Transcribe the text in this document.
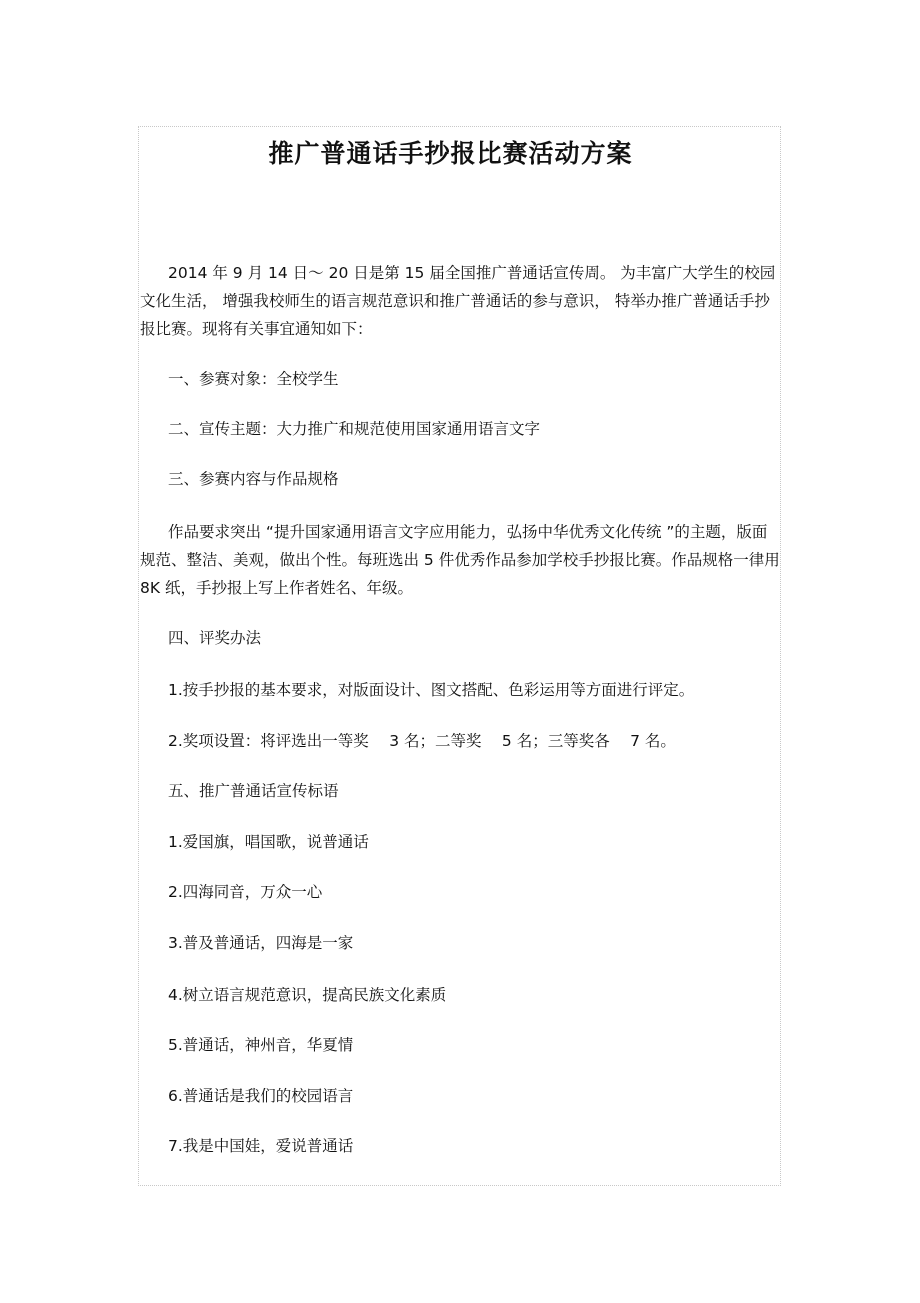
推广普通话手抄报比赛活动方案

2014 年 9 月 14 日～ 20 日是第 15 届全国推广普通话宣传周。 为丰富广大学生的校园文化生活， 增强我校师生的语言规范意识和推广普通话的参与意识， 特举办推广普通话手抄报比赛。现将有关事宜通知如下：

一、参赛对象：全校学生

二、宣传主题：大力推广和规范使用国家通用语言文字

三、参赛内容与作品规格

作品要求突出 “提升国家通用语言文字应用能力，弘扬中华优秀文化传统 ”的主题，版面规范、整洁、美观，做出个性。每班选出 5 件优秀作品参加学校手抄报比赛。作品规格一律用 8K 纸，手抄报上写上作者姓名、年级。

四、评奖办法

1.按手抄报的基本要求，对版面设计、图文搭配、色彩运用等方面进行评定。

2.奖项设置：将评选出一等奖 　3 名；二等奖 　5 名；三等奖各 　7 名。

五、推广普通话宣传标语

1.爱国旗，唱国歌，说普通话

2.四海同音，万众一心

3.普及普通话，四海是一家

4.树立语言规范意识，提高民族文化素质

5.普通话，神州音，华夏情

6.普通话是我们的校园语言

7.我是中国娃，爱说普通话
